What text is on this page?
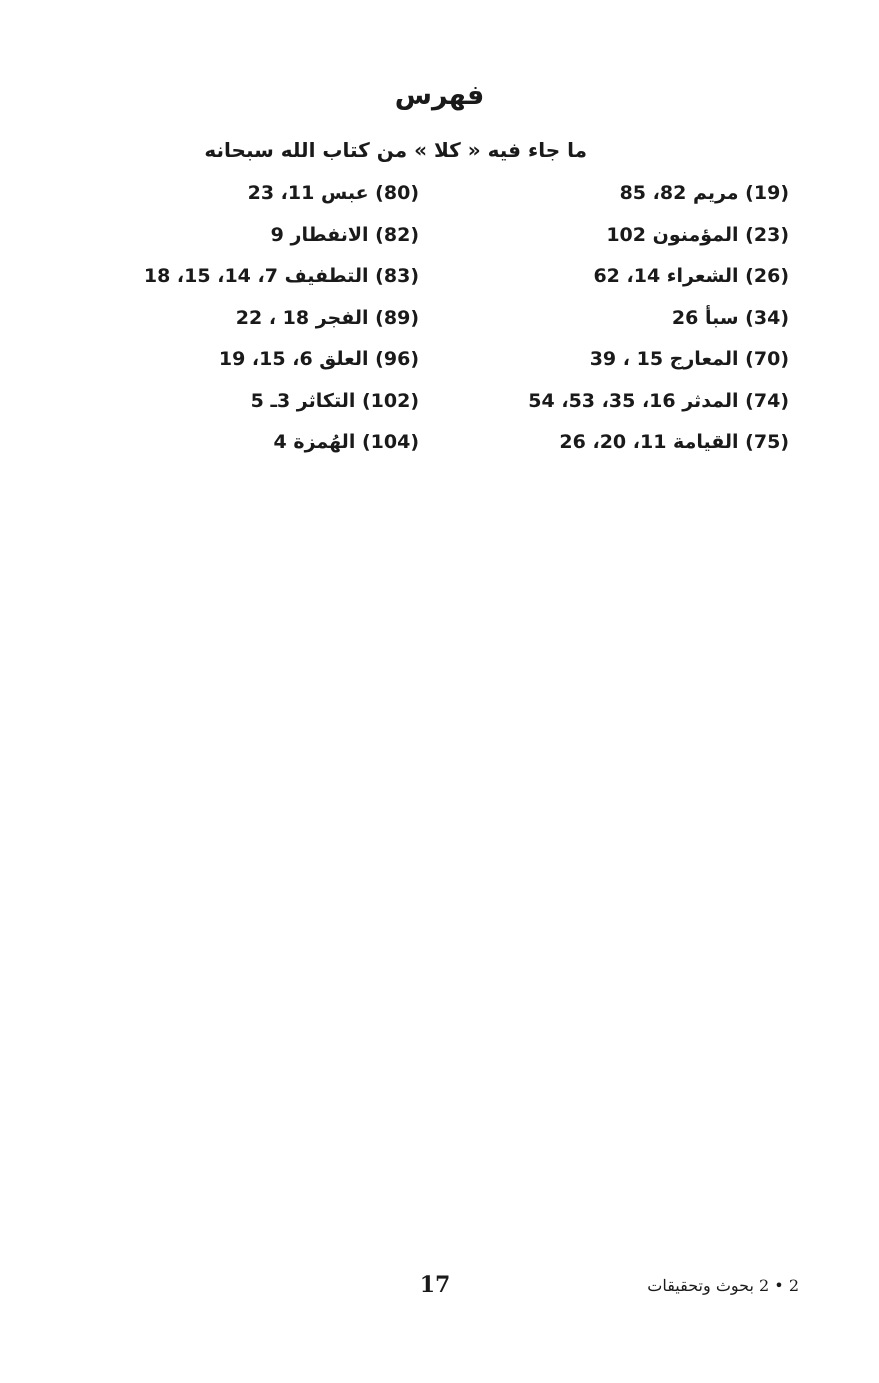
فهرس
ما جاء فيه « كلا » من كتاب الله سبحانه
(19) مريم 82، 85
(23) المؤمنون 102
(26) الشعراء 14، 62
(34) سبأ 26
(70) المعارج 15 ، 39
(74) المدثر 16، 35، 53، 54
(75) القيامة 11، 20، 26
(80) عبس 11، 23
(82) الانفطار 9
(83) التطفيف 7، 14، 15، 18
(89) الفجر 18 ، 22
(96) العلق 6، 15، 19
(102) التكاثر 3ـ 5
(104) الهُمزة 4
17	2 • 2 بحوث وتحقيقات
